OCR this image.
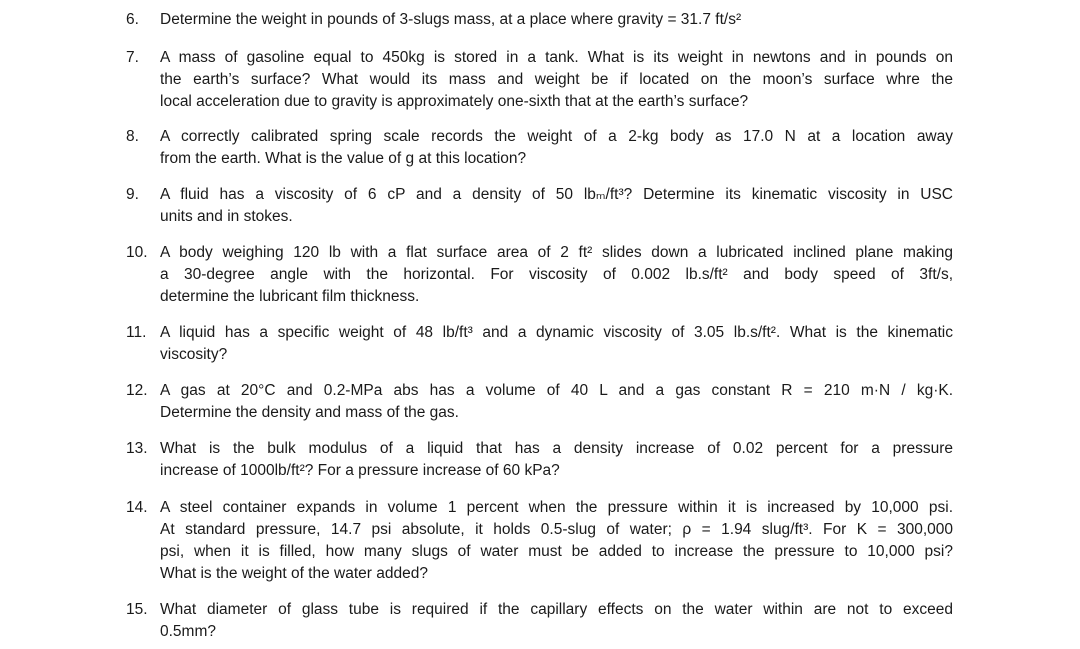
6. Determine the weight in pounds of 3-slugs mass, at a place where gravity = 31.7 ft/s²
7. A mass of gasoline equal to 450kg is stored in a tank. What is its weight in newtons and in pounds on
the earth’s surface? What would its mass and weight be if located on the moon’s surface whre the
local acceleration due to gravity is approximately one-sixth that at the earth’s surface?
8. A correctly calibrated spring scale records the weight of a 2-kg body as 17.0 N at a location away
from the earth. What is the value of g at this location?
9. A fluid has a viscosity of 6 cP and a density of 50 lbₘ/ft³? Determine its kinematic viscosity in USC
units and in stokes.
10. A body weighing 120 lb with a flat surface area of 2 ft² slides down a lubricated inclined plane making
a 30-degree angle with the horizontal. For viscosity of 0.002 lb.s/ft² and body speed of 3ft/s,
determine the lubricant film thickness.
11. A liquid has a specific weight of 48 lb/ft³ and a dynamic viscosity of 3.05 lb.s/ft². What is the kinematic
viscosity?
12. A gas at 20°C and 0.2-MPa abs has a volume of 40 L and a gas constant R = 210 m·N / kg·K.
Determine the density and mass of the gas.
13. What is the bulk modulus of a liquid that has a density increase of 0.02 percent for a pressure
increase of 1000lb/ft²? For a pressure increase of 60 kPa?
14. A steel container expands in volume 1 percent when the pressure within it is increased by 10,000 psi.
At standard pressure, 14.7 psi absolute, it holds 0.5-slug of water; ρ = 1.94 slug/ft³. For K = 300,000
psi, when it is filled, how many slugs of water must be added to increase the pressure to 10,000 psi?
What is the weight of the water added?
15. What diameter of glass tube is required if the capillary effects on the water within are not to exceed
0.5mm?
